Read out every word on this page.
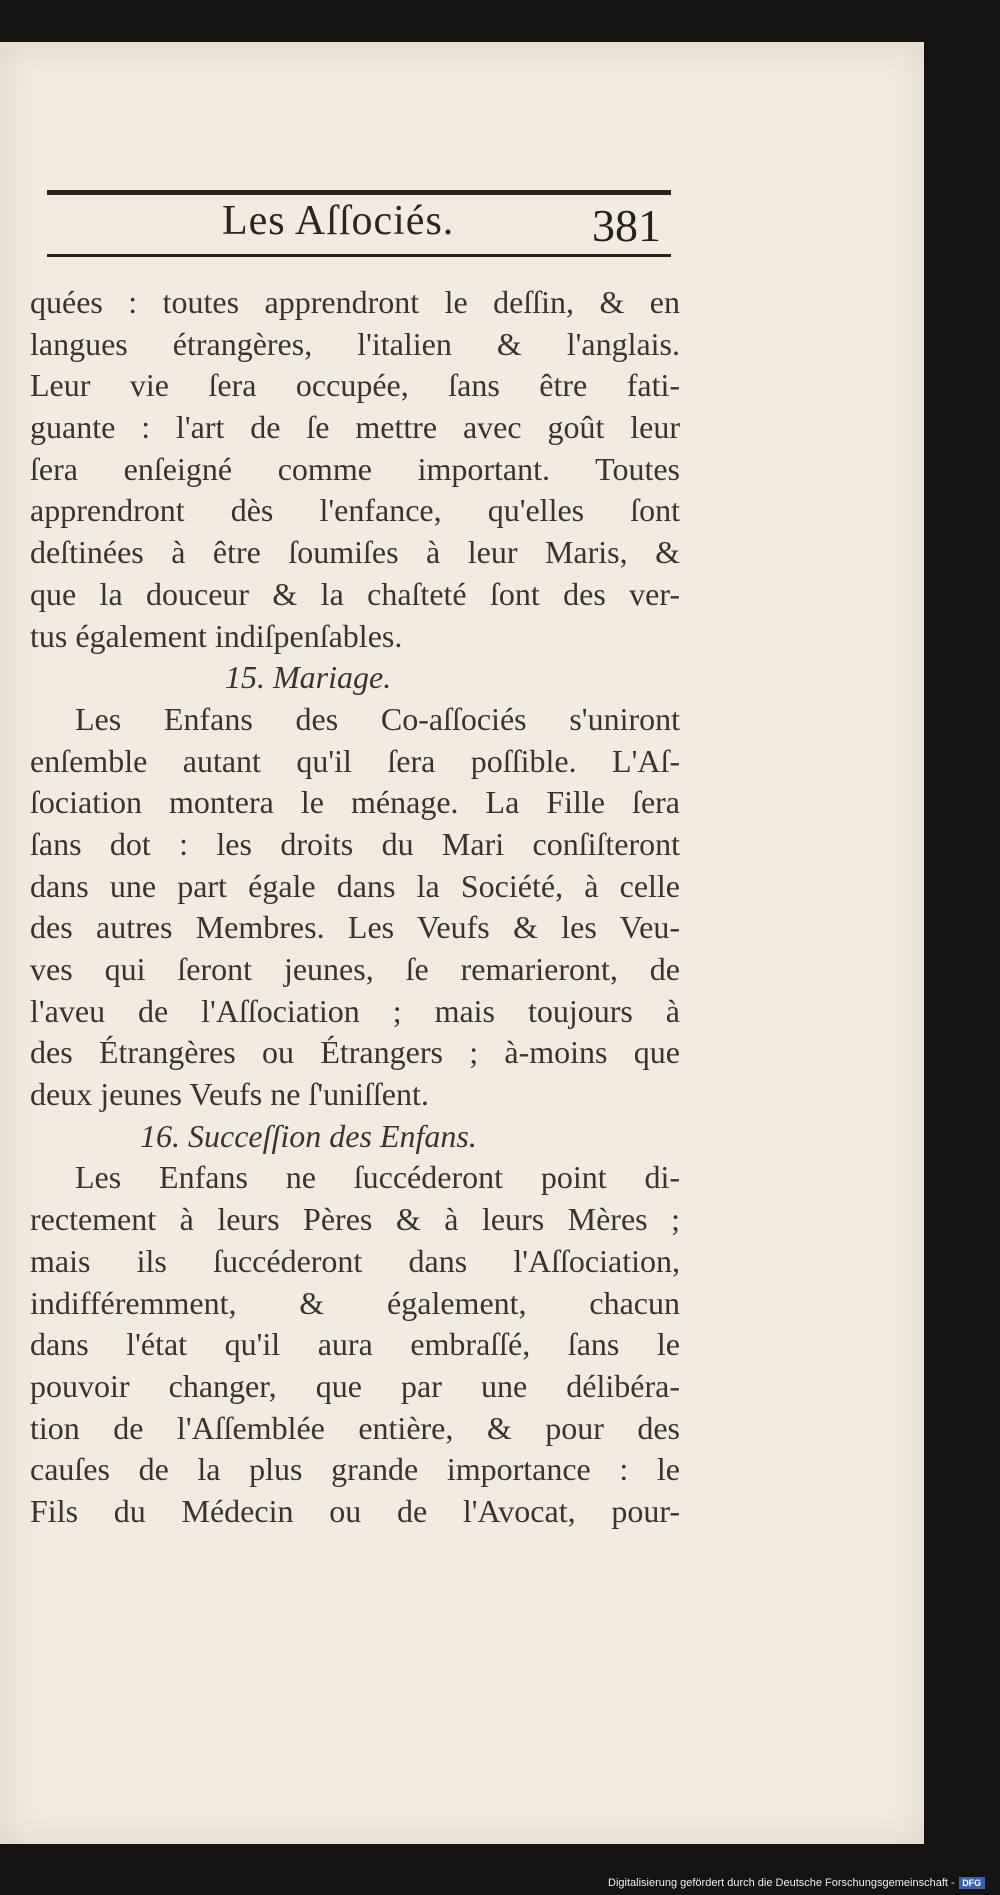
Les Aſſociés.	381
quées : toutes apprendront le deſſin, & en
langues étrangères, l'italien & l'anglais.
Leur vie ſera occupée, ſans être fati-
guante : l'art de ſe mettre avec goût leur
ſera enſeigné comme important. Toutes
apprendront dès l'enfance, qu'elles ſont
deſtinées à être ſoumiſes à leur Maris, &
que la douceur & la chaſteté ſont des ver-
tus également indiſpenſables.
15. Mariage.
Les Enfans des Co-aſſociés s'uniront
enſemble autant qu'il ſera poſſible. L'Aſ-
ſociation montera le ménage. La Fille ſera
ſans dot : les droits du Mari conſiſteront
dans une part égale dans la Société, à celle
des autres Membres. Les Veufs & les Veu-
ves qui ſeront jeunes, ſe remarieront, de
l'aveu de l'Aſſociation ; mais toujours à
des Étrangères ou Étrangers ; à-moins que
deux jeunes Veufs ne ſ'uniſſent.
16. Succeſſion des Enfans.
Les Enfans ne ſuccéderont point di-
rectement à leurs Pères & à leurs Mères ;
mais ils ſuccéderont dans l'Aſſociation,
indifféremment, & également, chacun
dans l'état qu'il aura embraſſé, ſans le
pouvoir changer, que par une délibéra-
tion de l'Aſſemblée entière, & pour des
cauſes de la plus grande importance : le
Fils du Médecin ou de l'Avocat, pour-
Digitalisierung gefördert durch die Deutsche Forschungsgemeinschaft - DFG
